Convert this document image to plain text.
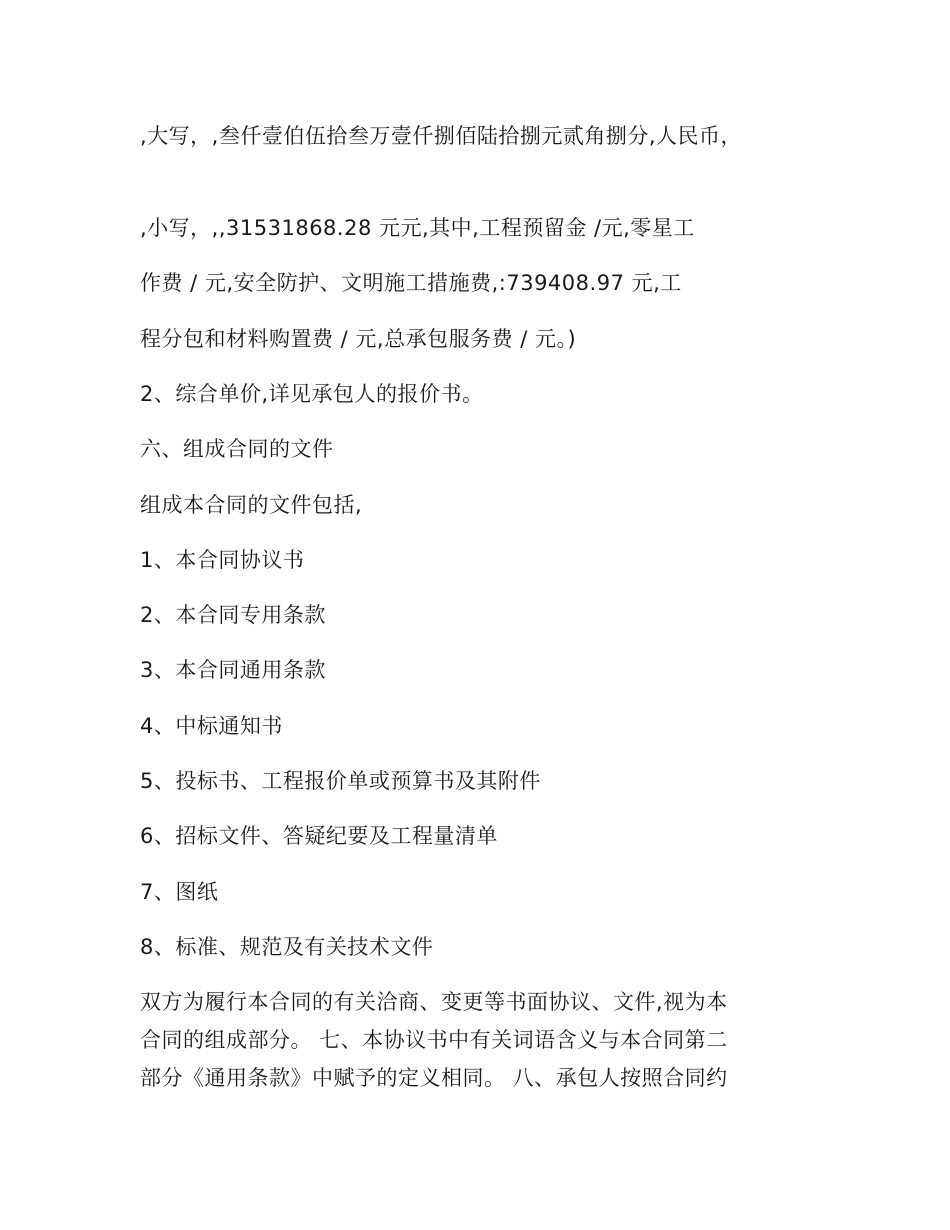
,大写，,叁仟壹伯伍拾叁万壹仟捌佰陆拾捌元贰角捌分,人民币，
,小写，,,31531868.28 元元,其中,工程预留金 /元,零星工
作费 / 元,安全防护、文明施工措施费,:739408.97 元,工
程分包和材料购置费 / 元,总承包服务费 / 元。)
2、综合单价,详见承包人的报价书。
六、组成合同的文件
组成本合同的文件包括,
1、本合同协议书
2、本合同专用条款
3、本合同通用条款
4、中标通知书
5、投标书、工程报价单或预算书及其附件
6、招标文件、答疑纪要及工程量清单
7、图纸
8、标准、规范及有关技术文件
双方为履行本合同的有关洽商、变更等书面协议、文件,视为本
合同的组成部分。 七、本协议书中有关词语含义与本合同第二
部分《通用条款》中赋予的定义相同。 八、承包人按照合同约
